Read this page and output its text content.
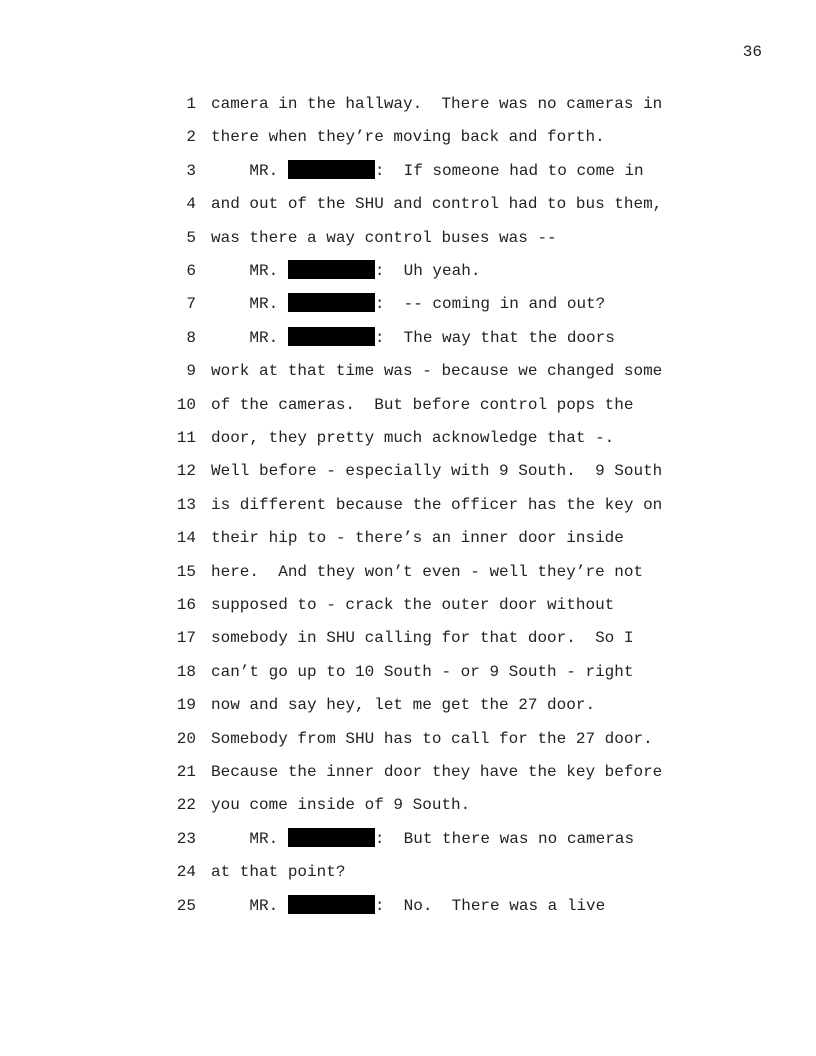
36
1 camera in the hallway.  There was no cameras in
2 there when they’re moving back and forth.
3 MR.	:  If someone had to come in
4 and out of the SHU and control had to bus them,
5 was there a way control buses was --
6 MR.	:  Uh yeah.
7 MR.	:  -- coming in and out?
8 MR.	:  The way that the doors
9 work at that time was - because we changed some
10 of the cameras.  But before control pops the
11 door, they pretty much acknowledge that -.
12 Well before - especially with 9 South.  9 South
13 is different because the officer has the key on
14 their hip to - there’s an inner door inside
15 here.  And they won’t even - well they’re not
16 supposed to - crack the outer door without
17 somebody in SHU calling for that door.  So I
18 can’t go up to 10 South - or 9 South - right
19 now and say hey, let me get the 27 door.
20 Somebody from SHU has to call for the 27 door.
21 Because the inner door they have the key before
22 you come inside of 9 South.
23 MR.	:  But there was no cameras
24 at that point?
25 MR.	:  No.  There was a live
